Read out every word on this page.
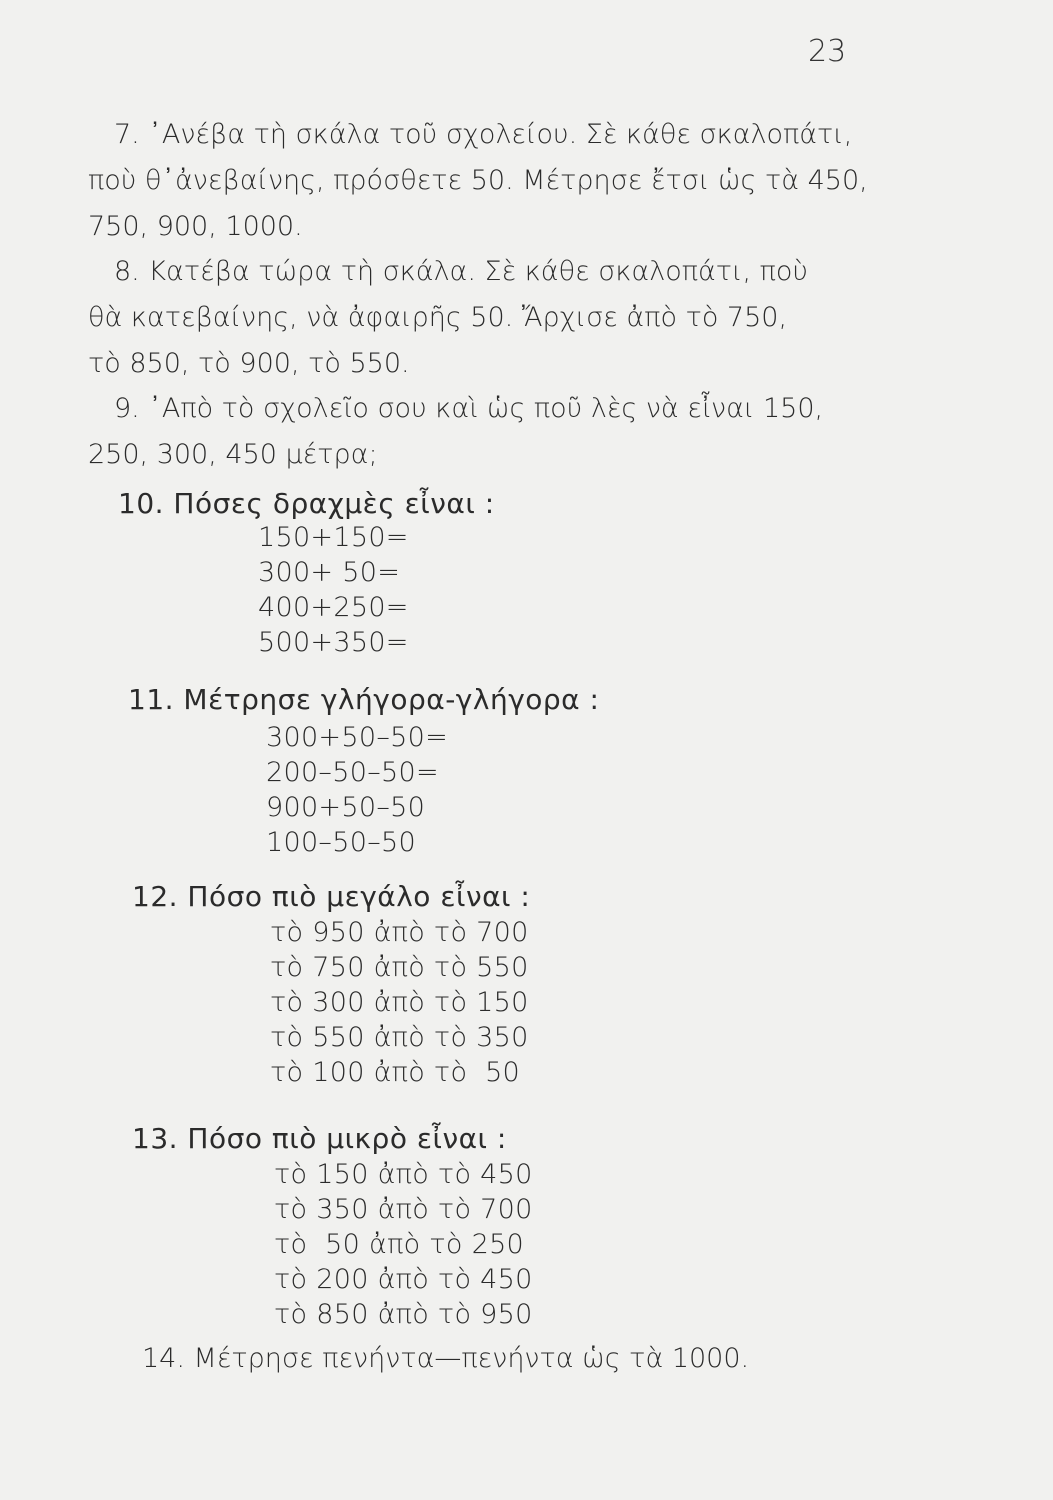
23
7. ᾿Ανέβα τὴ σκάλα τοῦ σχολείου. Σὲ κάθε σκαλοπάτι,
ποὺ θ᾿ἀνεβαίνης, πρόσθετε 50. Μέτρησε ἔτσι ὡς τὰ 450,
750, 900, 1000.
8. Κατέβα τώρα τὴ σκάλα. Σὲ κάθε σκαλοπάτι, ποὺ
θὰ κατεβαίνης, νὰ ἀφαιρῆς 50. Ἄρχισε ἀπὸ τὸ 750,
τὸ 850, τὸ 900, τὸ 550.
9. ᾿Απὸ τὸ σχολεῖο σου καὶ ὡς ποῦ λὲς νὰ εἶναι 150,
250, 300, 450 μέτρα;
10. Πόσες δραχμὲς εἶναι :
150+150=
300+ 50=
400+250=
500+350=
11. Μέτρησε γλήγορα-γλήγορα :
300+50–50=
200–50–50=
900+50–50
100–50–50
12. Πόσο πιὸ μεγάλο εἶναι :
τὸ 950 ἀπὸ τὸ 700
τὸ 750 ἀπὸ τὸ 550
τὸ 300 ἀπὸ τὸ 150
τὸ 550 ἀπὸ τὸ 350
τὸ 100 ἀπὸ τὸ  50
13. Πόσο πιὸ μικρὸ εἶναι :
τὸ 150 ἀπὸ τὸ 450
τὸ 350 ἀπὸ τὸ 700
τὸ  50 ἀπὸ τὸ 250
τὸ 200 ἀπὸ τὸ 450
τὸ 850 ἀπὸ τὸ 950
14. Μέτρησε πενήντα—πενήντα ὡς τὰ 1000.
